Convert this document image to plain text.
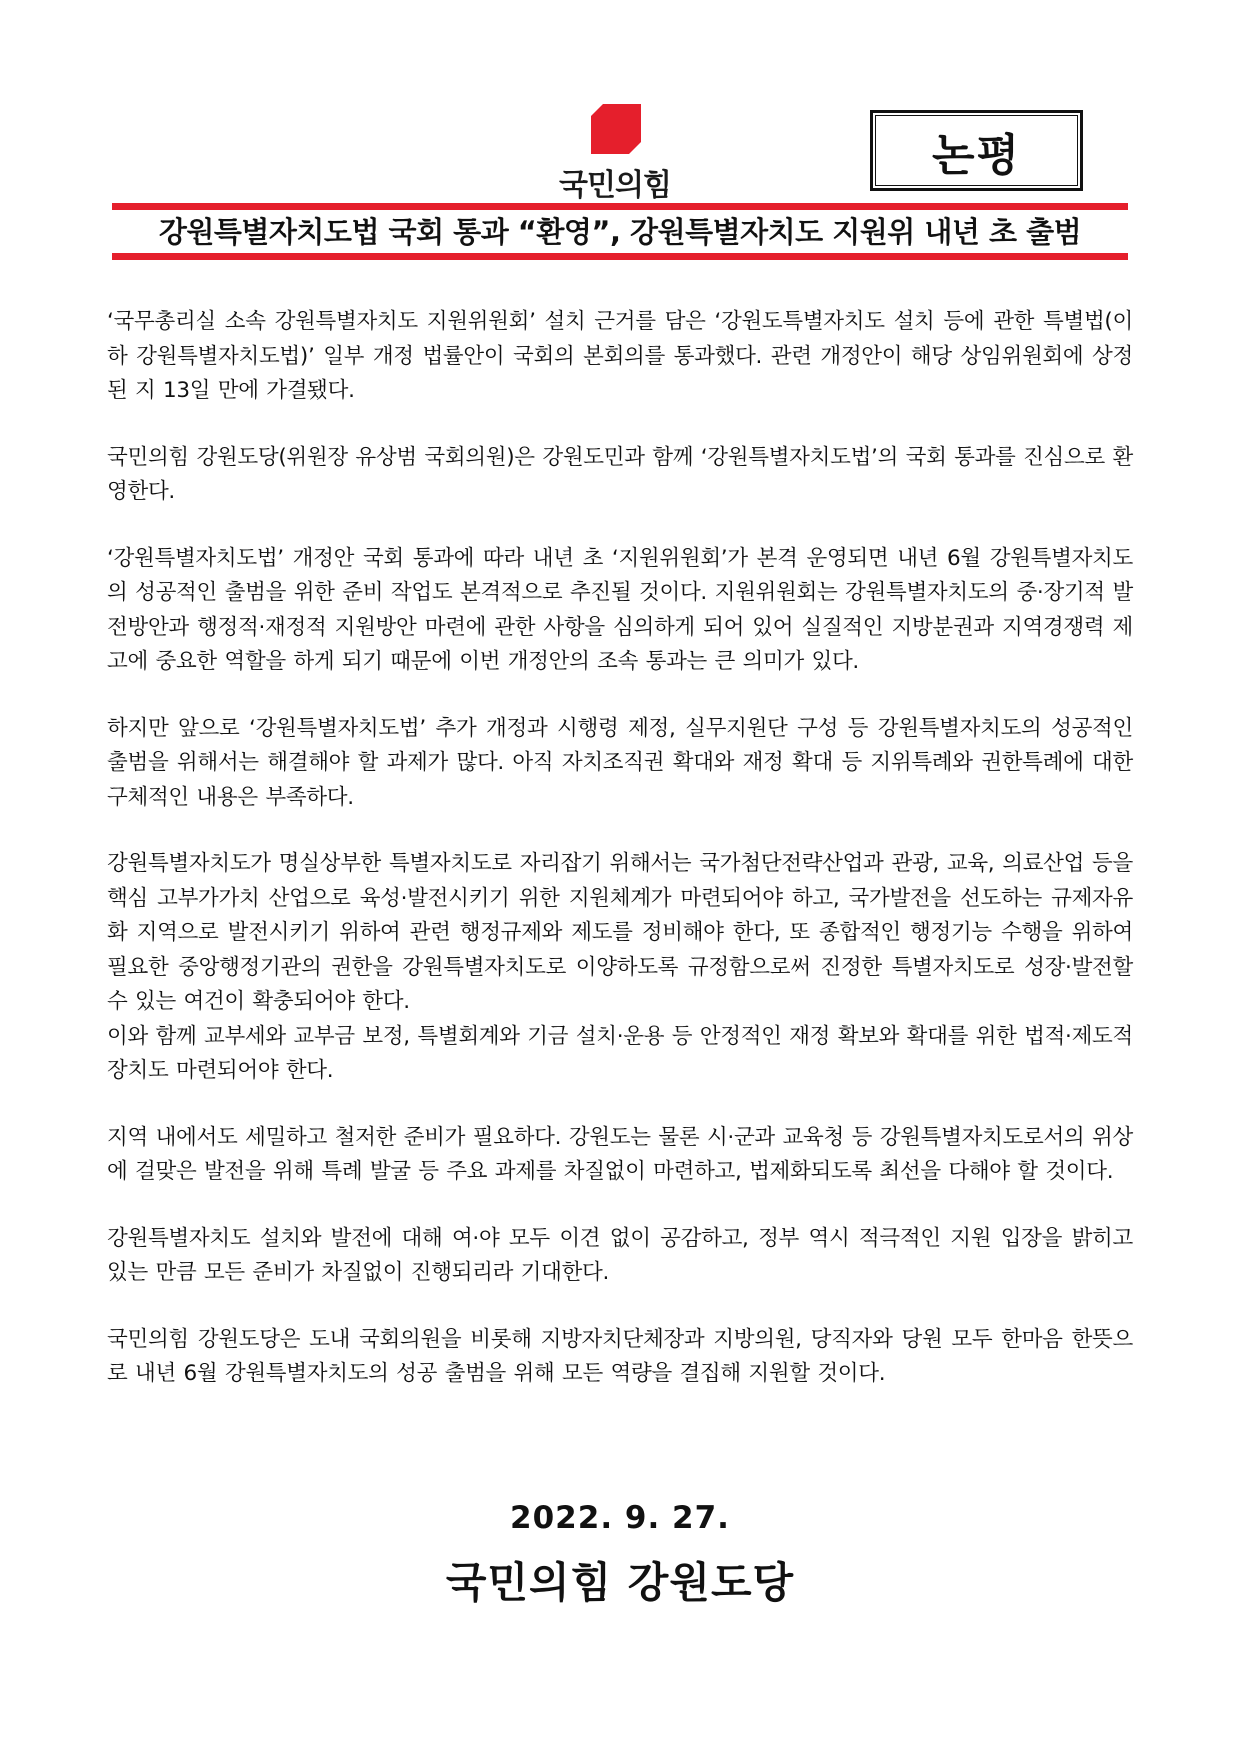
국민의힘
논평
강원특별자치도법 국회 통과 “환영”, 강원특별자치도 지원위 내년 초 출범

‘국무총리실 소속 강원특별자치도 지원위원회’ 설치 근거를 담은 ‘강원도특별자치도 설치 등에 관한 특별법(이하 강원특별자치도법)’ 일부 개정 법률안이 국회의 본회의를 통과했다. 관련 개정안이 해당 상임위원회에 상정된 지 13일 만에 가결됐다.

국민의힘 강원도당(위원장 유상범 국회의원)은 강원도민과 함께 ‘강원특별자치도법’의 국회 통과를 진심으로 환영한다.

‘강원특별자치도법’ 개정안 국회 통과에 따라 내년 초 ‘지원위원회’가 본격 운영되면 내년 6월 강원특별자치도의 성공적인 출범을 위한 준비 작업도 본격적으로 추진될 것이다. 지원위원회는 강원특별자치도의 중·장기적 발전방안과 행정적·재정적 지원방안 마련에 관한 사항을 심의하게 되어 있어 실질적인 지방분권과 지역경쟁력 제고에 중요한 역할을 하게 되기 때문에 이번 개정안의 조속 통과는 큰 의미가 있다.

하지만 앞으로 ‘강원특별자치도법’ 추가 개정과 시행령 제정, 실무지원단 구성 등 강원특별자치도의 성공적인 출범을 위해서는 해결해야 할 과제가 많다. 아직 자치조직권 확대와 재정 확대 등 지위특례와 권한특례에 대한 구체적인 내용은 부족하다.

강원특별자치도가 명실상부한 특별자치도로 자리잡기 위해서는 국가첨단전략산업과 관광, 교육, 의료산업 등을 핵심 고부가가치 산업으로 육성·발전시키기 위한 지원체계가 마련되어야 하고, 국가발전을 선도하는 규제자유화 지역으로 발전시키기 위하여 관련 행정규제와 제도를 정비해야 한다, 또 종합적인 행정기능 수행을 위하여 필요한 중앙행정기관의 권한을 강원특별자치도로 이양하도록 규정함으로써 진정한 특별자치도로 성장·발전할 수 있는 여건이 확충되어야 한다.

이와 함께 교부세와 교부금 보정, 특별회계와 기금 설치·운용 등 안정적인 재정 확보와 확대를 위한 법적·제도적 장치도 마련되어야 한다.

지역 내에서도 세밀하고 철저한 준비가 필요하다. 강원도는 물론 시·군과 교육청 등 강원특별자치도로서의 위상에 걸맞은 발전을 위해 특례 발굴 등 주요 과제를 차질없이 마련하고, 법제화되도록 최선을 다해야 할 것이다.

강원특별자치도 설치와 발전에 대해 여·야 모두 이견 없이 공감하고, 정부 역시 적극적인 지원 입장을 밝히고 있는 만큼 모든 준비가 차질없이 진행되리라 기대한다.

국민의힘 강원도당은 도내 국회의원을 비롯해 지방자치단체장과 지방의원, 당직자와 당원 모두 한마음 한뜻으로 내년 6월 강원특별자치도의 성공 출범을 위해 모든 역량을 결집해 지원할 것이다.

2022. 9. 27.
국민의힘 강원도당
